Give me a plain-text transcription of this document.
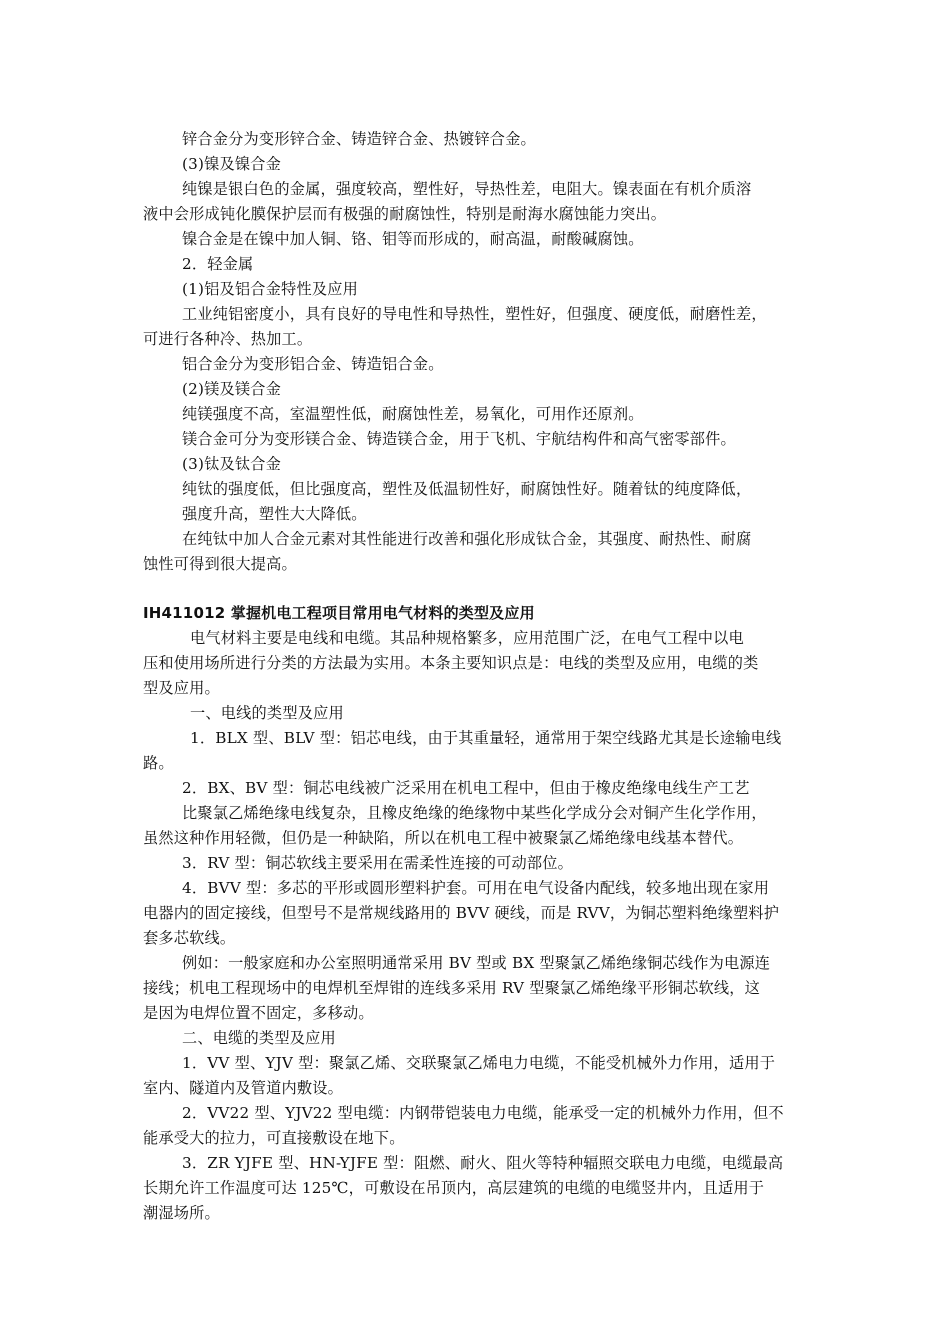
锌合金分为变形锌合金、铸造锌合金、热镀锌合金。
(3)镍及镍合金
纯镍是银白色的金属，强度较高，塑性好，导热性差，电阻大。镍表面在有机介质溶
液中会形成钝化膜保护层而有极强的耐腐蚀性，特别是耐海水腐蚀能力突出。
镍合金是在镍中加人铜、铬、钼等而形成的，耐高温，耐酸碱腐蚀。
2．轻金属
(1)铝及铝合金特性及应用
工业纯铝密度小，具有良好的导电性和导热性，塑性好，但强度、硬度低，耐磨性差，
可进行各种冷、热加工。
铝合金分为变形铝合金、铸造铝合金。
(2)镁及镁合金
纯镁强度不高，室温塑性低，耐腐蚀性差，易氧化，可用作还原剂。
镁合金可分为变形镁合金、铸造镁合金，用于飞机、宇航结构件和高气密零部件。
(3)钛及钛合金
纯钛的强度低，但比强度高，塑性及低温韧性好，耐腐蚀性好。随着钛的纯度降低，
强度升高，塑性大大降低。
在纯钛中加人合金元素对其性能进行改善和强化形成钛合金，其强度、耐热性、耐腐
蚀性可得到很大提高。
IH411012 掌握机电工程项目常用电气材料的类型及应用
电气材料主要是电线和电缆。其品种规格繁多，应用范围广泛，在电气工程中以电
压和使用场所进行分类的方法最为实用。本条主要知识点是：电线的类型及应用，电缆的类
型及应用。
一、电线的类型及应用
1．BLX 型、BLV 型：铝芯电线，由于其重量轻，通常用于架空线路尤其是长途输电线
路。
2．BX、BV 型：铜芯电线被广泛采用在机电工程中，但由于橡皮绝缘电线生产工艺
比聚氯乙烯绝缘电线复杂，且橡皮绝缘的绝缘物中某些化学成分会对铜产生化学作用，
虽然这种作用轻微，但仍是一种缺陷，所以在机电工程中被聚氯乙烯绝缘电线基本替代。
3．RV 型：铜芯软线主要采用在需柔性连接的可动部位。
4．BVV 型：多芯的平形或圆形塑料护套。可用在电气设备内配线，较多地出现在家用
电器内的固定接线，但型号不是常规线路用的 BVV 硬线，而是 RVV，为铜芯塑料绝缘塑料护
套多芯软线。
例如：一般家庭和办公室照明通常采用 BV 型或 BX 型聚氯乙烯绝缘铜芯线作为电源连
接线；机电工程现场中的电焊机至焊钳的连线多采用 RV 型聚氯乙烯绝缘平形铜芯软线，这
是因为电焊位置不固定，多移动。
二、电缆的类型及应用
1．VV 型、YJV 型：聚氯乙烯、交联聚氯乙烯电力电缆，不能受机械外力作用，适用于
室内、隧道内及管道内敷设。
2．VV22 型、YJV22 型电缆：内钢带铠装电力电缆，能承受一定的机械外力作用，但不
能承受大的拉力，可直接敷设在地下。
3．ZR YJFE 型、HN-YJFE 型：阻燃、耐火、阻火等特种辐照交联电力电缆，电缆最高
长期允许工作温度可达 125℃，可敷设在吊顶内，高层建筑的电缆的电缆竖井内，且适用于
潮湿场所。
